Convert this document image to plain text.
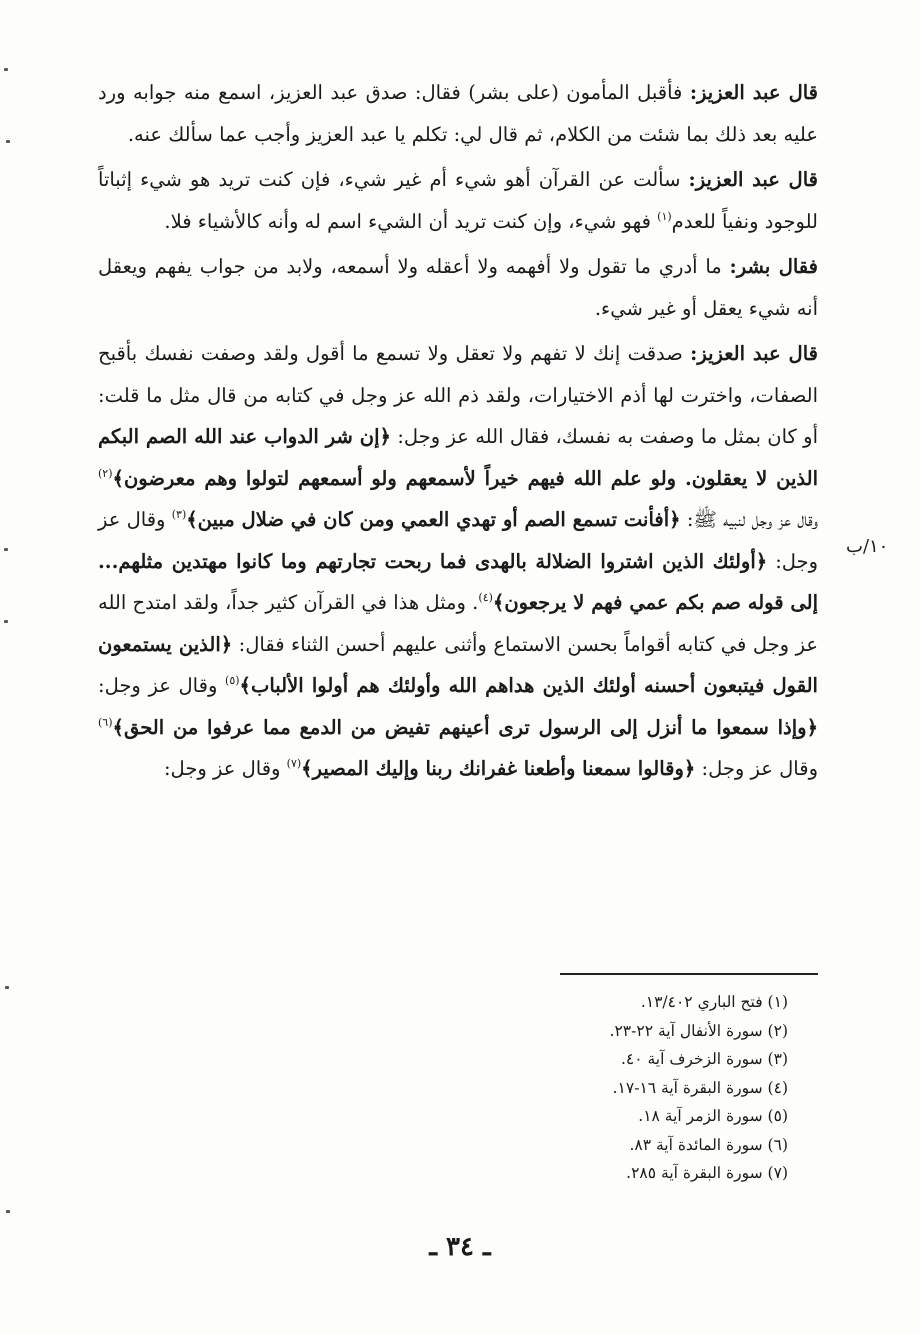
قال عبد العزيز: فأقبل المأمون (على بشر) فقال: صدق عبد العزيز، اسمع منه جوابه ورد عليه بعد ذلك بما شئت من الكلام، ثم قال لي: تكلم يا عبد العزيز وأجب عما سألك عنه.

قال عبد العزيز: سألت عن القرآن أهو شيء أم غير شيء، فإن كنت تريد هو شيء إثباتاً للوجود ونفياً للعدم$^{(١)}$ فهو شيء، وإن كنت تريد أن الشيء اسم له وأنه كالأشياء فلا.

فقال بشر: ما أدري ما تقول ولا أفهمه ولا أعقله ولا أسمعه، ولابد من جواب يفهم ويعقل أنه شيء يعقل أو غير شيء.

قال عبد العزيز: صدقت إنك لا تفهم ولا تعقل ولا تسمع ما أقول ولقد وصفت نفسك بأقبح الصفات، واخترت لها أذم الاختيارات، ولقد ذم الله عز وجل في كتابه من قال مثل ما قلت: أو كان بمثل ما وصفت به نفسك، فقال الله عز وجل: ﴿إن شر الدواب عند الله الصم البكم الذين لا يعقلون. ولو علم الله فيهم خيراً لأسمعهم ولو أسمعهم لتولوا وهم معرضون﴾$^{(٢)}$ وقال عز وجل لنبيه ﷺ: ﴿أفأنت تسمع الصم أو تهدي العمي ومن كان في ضلال مبين﴾$^{(٣)}$ وقال عز وجل: ﴿أولئك الذين اشتروا الضلالة بالهدى فما ربحت تجارتهم وما كانوا مهتدين مثلهم... إلى قوله صم بكم عمي فهم لا يرجعون﴾$^{(٤)}$. ومثل هذا في القرآن كثير جداً، ولقد امتدح الله عز وجل في كتابه أقواماً بحسن الاستماع وأثنى عليهم أحسن الثناء فقال: ﴿الذين يستمعون القول فيتبعون أحسنه أولئك الذين هداهم الله وأولئك هم أولوا الألباب﴾$^{(٥)}$ وقال عز وجل: ﴿وإذا سمعوا ما أنزل إلى الرسول ترى أعينهم تفيض من الدمع مما عرفوا من الحق﴾$^{(٦)}$ وقال عز وجل: ﴿وقالوا سمعنا وأطعنا غفرانك ربنا وإليك المصير﴾$^{(٧)}$ وقال عز وجل:

١٠/ب
(١) فتح الباري ١٣/٤٠٢.
(٢) سورة الأنفال آية ٢٢-٢٣.
(٣) سورة الزخرف آية ٤٠.
(٤) سورة البقرة آية ١٦-١٧.
(٥) سورة الزمر آية ١٨.
(٦) سورة المائدة آية ٨٣.
(٧) سورة البقرة آية ٢٨٥.
ـ ٣٤ ـ
